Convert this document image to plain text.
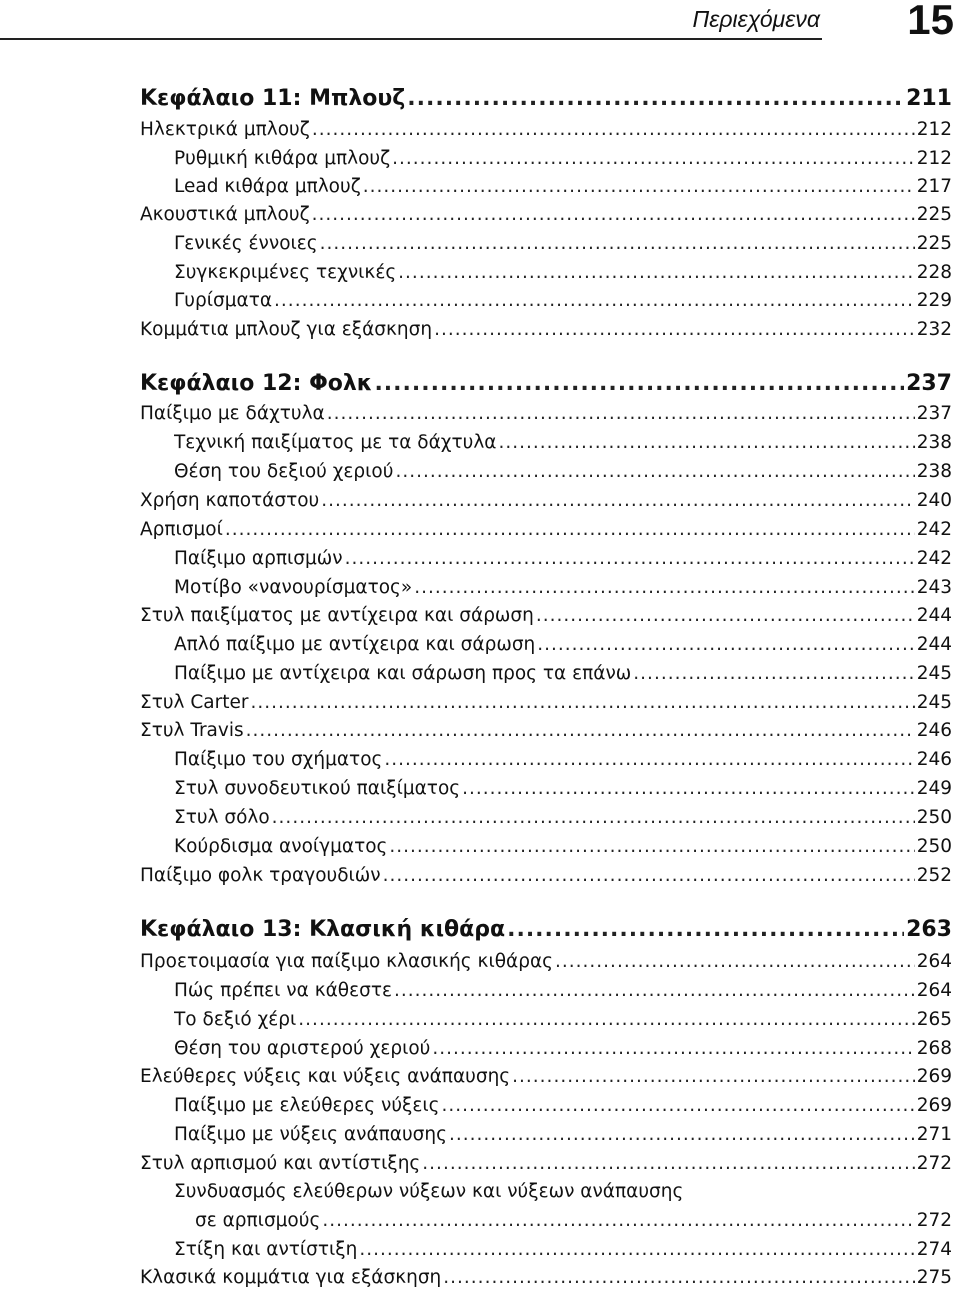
Περιεχόμενα 15
Κεφάλαιο 11: Μπλουζ .....	211
Ηλεκτρικά μπλουζ .....	212
Ρυθμική κιθάρα μπλουζ .....	212
Lead κιθάρα μπλουζ .....	217
Ακουστικά μπλουζ .....	225
Γενικές έννοιες .....	225
Συγκεκριμένες τεχνικές .....	228
Γυρίσματα .....	229
Κομμάτια μπλουζ για εξάσκηση .....	232
Κεφάλαιο 12: Φολκ .....	237
Παίξιμο με δάχτυλα .....	237
Τεχνική παιξίματος με τα δάχτυλα .....	238
Θέση του δεξιού χεριού .....	238
Χρήση καποτάστου .....	240
Αρπισμοί .....	242
Παίξιμο αρπισμών .....	242
Μοτίβο «νανουρίσματος» .....	243
Στυλ παιξίματος με αντίχειρα και σάρωση .....	244
Απλό παίξιμο με αντίχειρα και σάρωση .....	244
Παίξιμο με αντίχειρα και σάρωση προς τα επάνω .....	245
Στυλ Carter .....	245
Στυλ Travis .....	246
Παίξιμο του σχήματος .....	246
Στυλ συνοδευτικού παιξίματος .....	249
Στυλ σόλο .....	250
Κούρδισμα ανοίγματος .....	250
Παίξιμο φολκ τραγουδιών .....	252
Κεφάλαιο 13: Κλασική κιθάρα .....	263
Προετοιμασία για παίξιμο κλασικής κιθάρας .....	264
Πώς πρέπει να κάθεστε .....	264
Το δεξιό χέρι .....	265
Θέση του αριστερού χεριού .....	268
Ελεύθερες νύξεις και νύξεις ανάπαυσης .....	269
Παίξιμο με ελεύθερες νύξεις .....	269
Παίξιμο με νύξεις ανάπαυσης .....	271
Στυλ αρπισμού και αντίστιξης .....	272
Συνδυασμός ελεύθερων νύξεων και νύξεων ανάπαυσης
σε αρπισμούς .....	272
Στίξη και αντίστιξη .....	274
Κλασικά κομμάτια για εξάσκηση .....	275
